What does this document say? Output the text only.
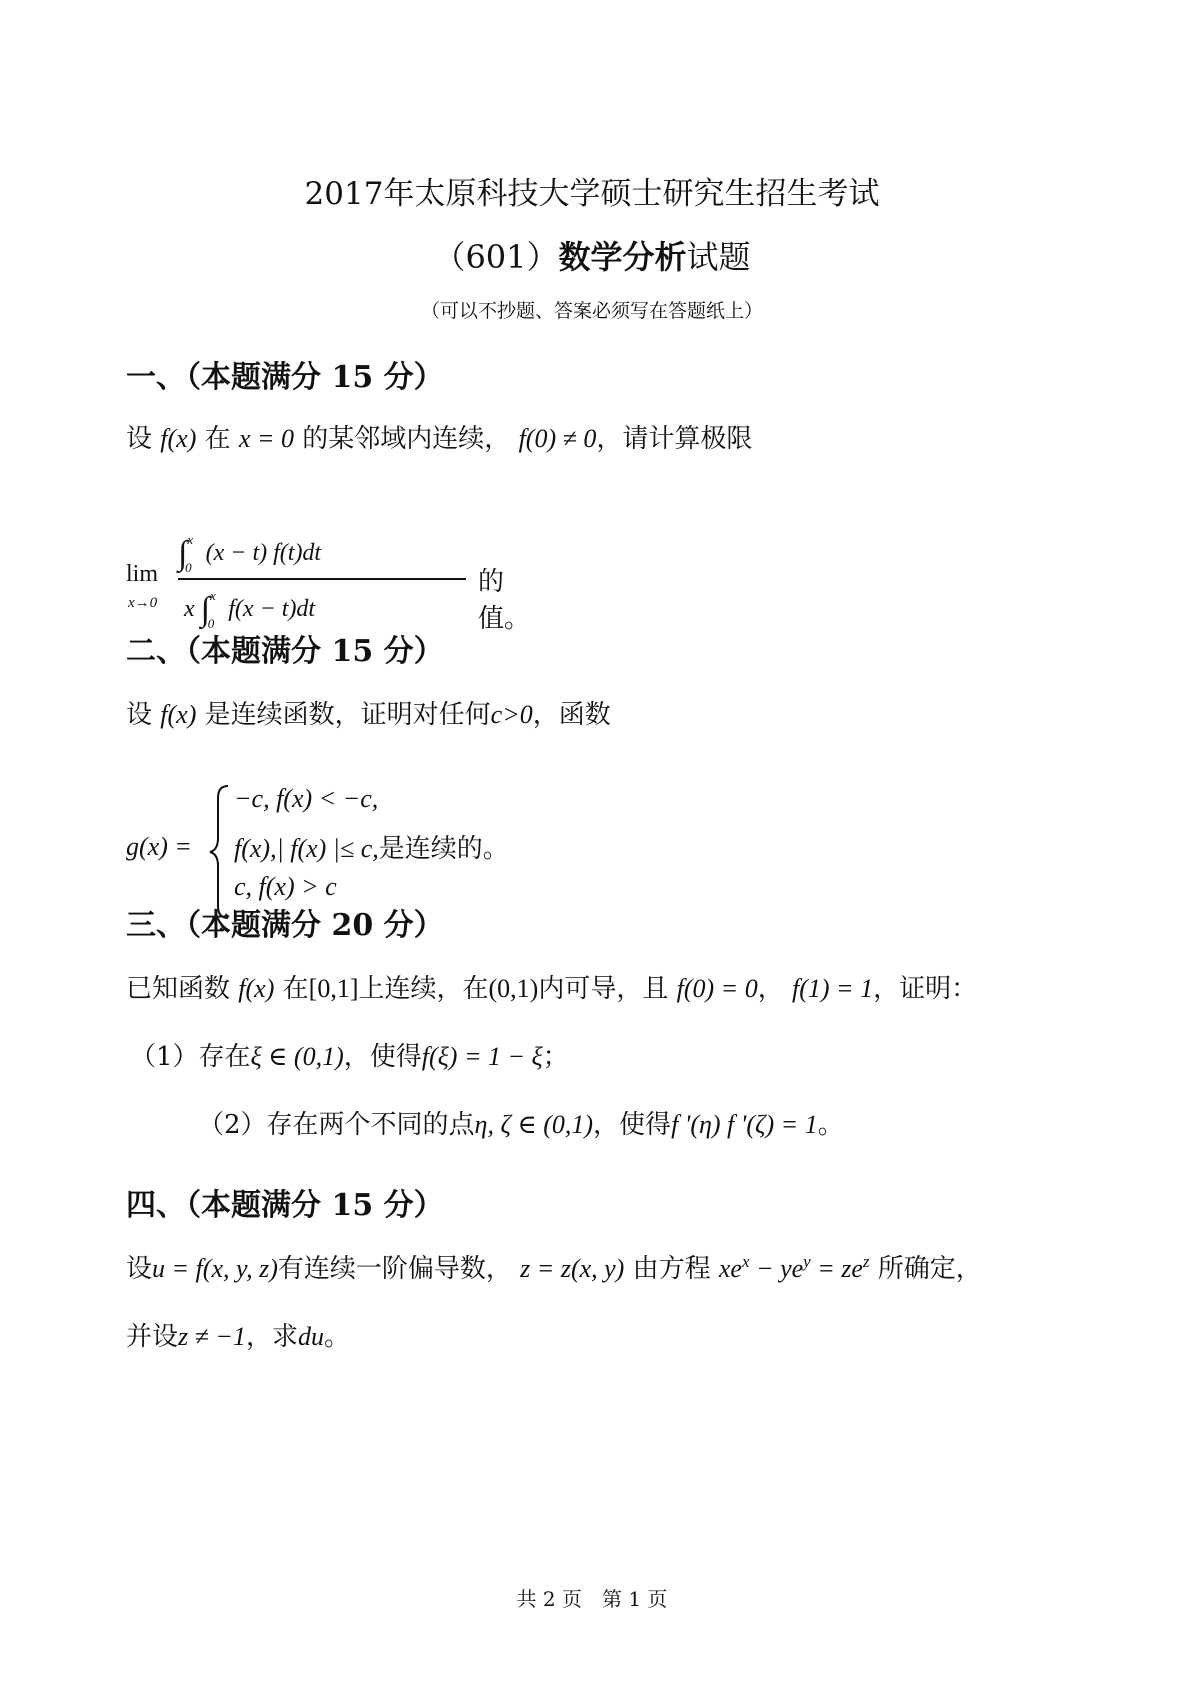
2017年太原科技大学硕士研究生招生考试
（601）数学分析试题
（可以不抄题、答案必须写在答题纸上）
一、（本题满分 15 分）
设 f(x) 在 x = 0 的某邻域内连续， f(0) ≠ 0，请计算极限
lim
x→0
∫$^x_0$ (x − t) f(t)dt
x ∫$^x_0$ f(x − t)dt
的值。
二、（本题满分 15 分）
设 f(x) 是连续函数，证明对任何c>0，函数
g(x) =
−c, f(x) < −c,
f(x),| f(x) |≤ c,是连续的。
c, f(x) > c
三、（本题满分 20 分）
已知函数 f(x) 在[0,1]上连续，在(0,1)内可导，且 f(0) = 0， f(1) = 1，证明：
（1）存在ξ ∈ (0,1)，使得f(ξ) = 1 − ξ；
（2）存在两个不同的点η, ζ ∈ (0,1)，使得f '(η) f '(ζ) = 1。
四、（本题满分 15 分）
设u = f(x, y, z)有连续一阶偏导数， z = z(x, y) 由方程 $xe^x - ye^y = ze^z$ 所确定，
并设z ≠ −1，求du。
共 2 页　第 1 页
